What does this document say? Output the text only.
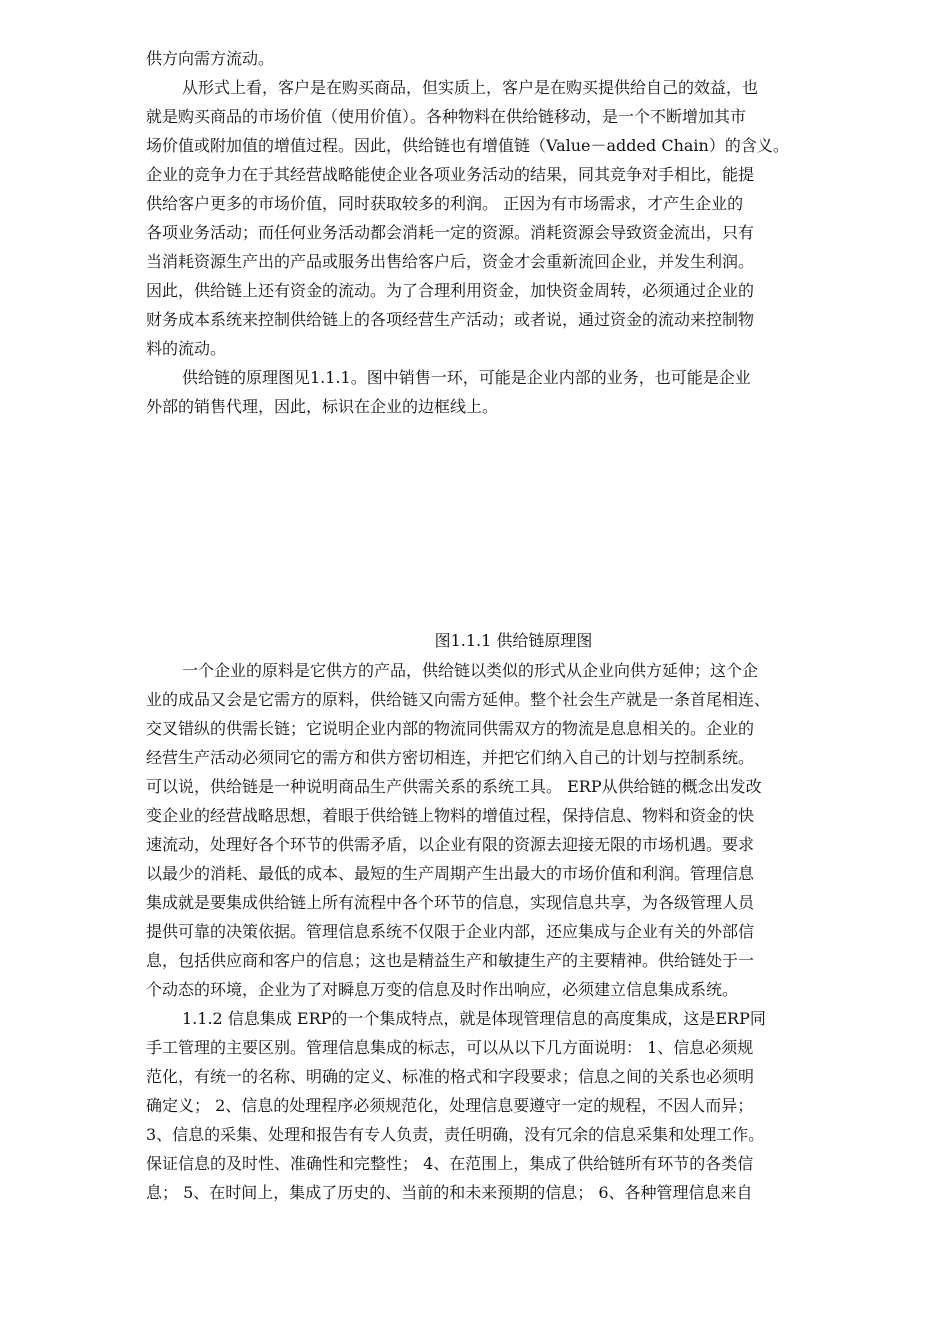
供方向需方流动。
从形式上看，客户是在购买商品，但实质上，客户是在购买提供给自己的效益，也
就是购买商品的市场价值（使用价值）。各种物料在供给链移动，是一个不断增加其市
场价值或附加值的增值过程。因此，供给链也有增值链（Value－added Chain）的含义。
企业的竞争力在于其经营战略能使企业各项业务活动的结果，同其竞争对手相比，能提
供给客户更多的市场价值，同时获取较多的利润。 正因为有市场需求，才产生企业的
各项业务活动；而任何业务活动都会消耗一定的资源。消耗资源会导致资金流出，只有
当消耗资源生产出的产品或服务出售给客户后，资金才会重新流回企业，并发生利润。
因此，供给链上还有资金的流动。为了合理利用资金，加快资金周转，必须通过企业的
财务成本系统来控制供给链上的各项经营生产活动；或者说，通过资金的流动来控制物
料的流动。
供给链的原理图见1.1.1。图中销售一环，可能是企业内部的业务，也可能是企业
外部的销售代理，因此，标识在企业的边框线上。
图1.1.1 供给链原理图
一个企业的原料是它供方的产品，供给链以类似的形式从企业向供方延伸；这个企
业的成品又会是它需方的原料，供给链又向需方延伸。整个社会生产就是一条首尾相连、
交叉错纵的供需长链；它说明企业内部的物流同供需双方的物流是息息相关的。企业的
经营生产活动必须同它的需方和供方密切相连，并把它们纳入自己的计划与控制系统。
可以说，供给链是一种说明商品生产供需关系的系统工具。 ERP从供给链的概念出发改
变企业的经营战略思想，着眼于供给链上物料的增值过程，保持信息、物料和资金的快
速流动，处理好各个环节的供需矛盾，以企业有限的资源去迎接无限的市场机遇。要求
以最少的消耗、最低的成本、最短的生产周期产生出最大的市场价值和利润。管理信息
集成就是要集成供给链上所有流程中各个环节的信息，实现信息共享，为各级管理人员
提供可靠的决策依据。管理信息系统不仅限于企业内部，还应集成与企业有关的外部信
息，包括供应商和客户的信息；这也是精益生产和敏捷生产的主要精神。供给链处于一
个动态的环境，企业为了对瞬息万变的信息及时作出响应，必须建立信息集成系统。
1.1.2 信息集成 ERP的一个集成特点，就是体现管理信息的高度集成，这是ERP同
手工管理的主要区别。管理信息集成的标志，可以从以下几方面说明： 1、信息必须规
范化，有统一的名称、明确的定义、标准的格式和字段要求；信息之间的关系也必须明
确定义； 2、信息的处理程序必须规范化，处理信息要遵守一定的规程，不因人而异；
3、信息的采集、处理和报告有专人负责，责任明确，没有冗余的信息采集和处理工作。
保证信息的及时性、准确性和完整性； 4、在范围上，集成了供给链所有环节的各类信
息； 5、在时间上，集成了历史的、当前的和未来预期的信息； 6、各种管理信息来自
